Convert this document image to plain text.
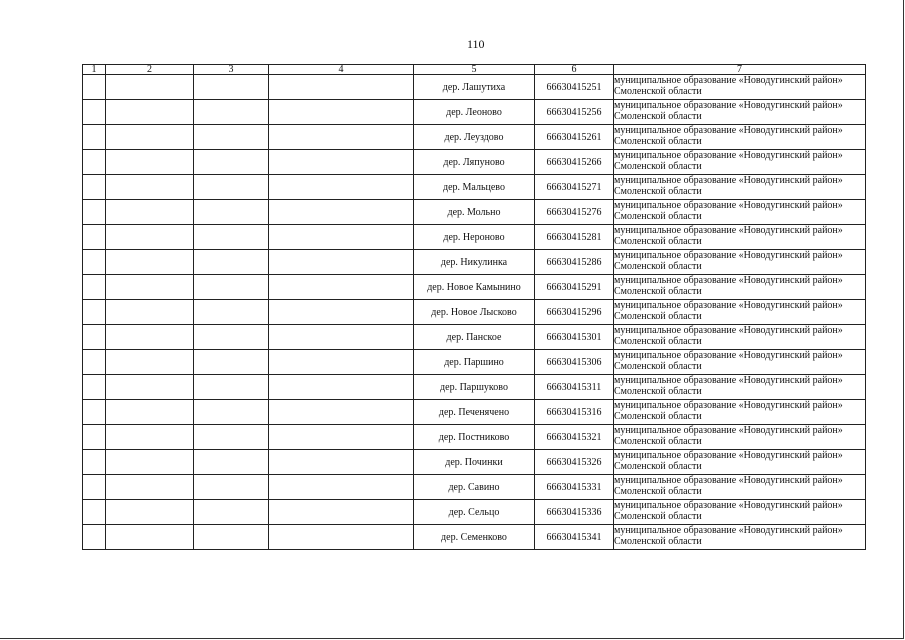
110
1	2	3	4	5	6	7
				дер. Лашутиха	66630415251	муниципальное образование «Новодугинский район»
Смоленской области

				дер. Леоново	66630415256	муниципальное образование «Новодугинский район»
Смоленской области

				дер. Леуздово	66630415261	муниципальное образование «Новодугинский район»
Смоленской области

				дер. Ляпуново	66630415266	муниципальное образование «Новодугинский район»
Смоленской области

				дер. Мальцево	66630415271	муниципальное образование «Новодугинский район»
Смоленской области

				дер. Мольно	66630415276	муниципальное образование «Новодугинский район»
Смоленской области

				дер. Нероново	66630415281	муниципальное образование «Новодугинский район»
Смоленской области

				дер. Никулинка	66630415286	муниципальное образование «Новодугинский район»
Смоленской области

				дер. Новое Камынино	66630415291	муниципальное образование «Новодугинский район»
Смоленской области

				дер. Новое Лысково	66630415296	муниципальное образование «Новодугинский район»
Смоленской области

				дер. Панское	66630415301	муниципальное образование «Новодугинский район»
Смоленской области

				дер. Паршино	66630415306	муниципальное образование «Новодугинский район»
Смоленской области

				дер. Паршуково	66630415311	муниципальное образование «Новодугинский район»
Смоленской области

				дер. Печенячено	66630415316	муниципальное образование «Новодугинский район»
Смоленской области

				дер. Постниково	66630415321	муниципальное образование «Новодугинский район»
Смоленской области

				дер. Починки	66630415326	муниципальное образование «Новодугинский район»
Смоленской области

				дер. Савино	66630415331	муниципальное образование «Новодугинский район»
Смоленской области

				дер. Сельцо	66630415336	муниципальное образование «Новодугинский район»
Смоленской области

				дер. Семенково	66630415341	муниципальное образование «Новодугинский район»
Смоленской области
